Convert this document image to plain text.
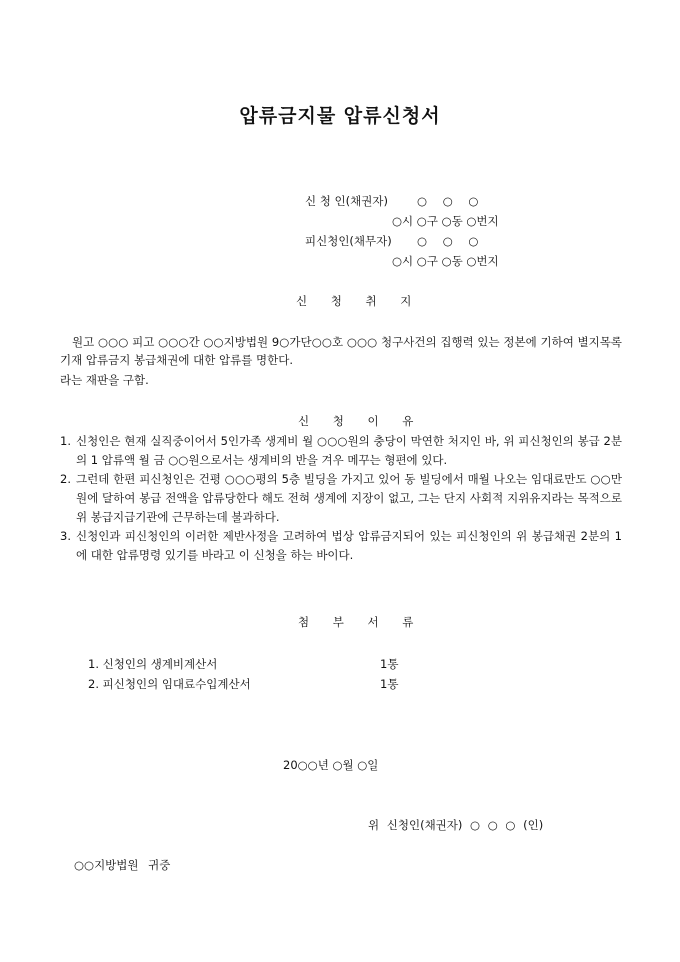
압류금지물 압류신청서
신 청 인(채권자)	○ ○ ○
○시 ○구 ○동 ○번지
피신청인(채무자) ○ ○ ○
○시 ○구 ○동 ○번지
신 청 취 지
원고 ○○○ 피고 ○○○간 ○○지방법원 9○가단○○호 ○○○ 청구사건의 집행력 있는 정본에 기하여 별지목록 기재 압류금지 봉급채권에 대한 압류를 명한다.
라는 재판을 구함.
신 청 이 유
1. 신청인은 현재 실직중이어서 5인가족 생계비 월 ○○○원의 충당이 막연한 처지인 바, 위 피신청인의 봉급 2분의 1 압류액 월 금 ○○원으로서는 생계비의 반을 겨우 메꾸는 형편에 있다.
2. 그런데 한편 피신청인은 건평 ○○○평의 5층 빌딩을 가지고 있어 동 빌딩에서 매월 나오는 임대료만도 ○○만원에 달하여 봉급 전액을 압류당한다 해도 전혀 생계에 지장이 없고, 그는 단지 사회적 지위유지라는 목적으로 위 봉급지급기관에 근무하는데 불과하다.
3. 신청인과 피신청인의 이러한 제반사정을 고려하여 법상 압류금지되어 있는 피신청인의 위 봉급채권 2분의 1에 대한 압류명령 있기를 바라고 이 신청을 하는 바이다.
첨 부 서 류
1. 신청인의 생계비계산서	1통
2. 피신청인의 임대료수입계산서	1통
20○○년 ○월 ○일
위 신청인(채권자) ○ ○ ○ (인)
○○지방법원 귀중
